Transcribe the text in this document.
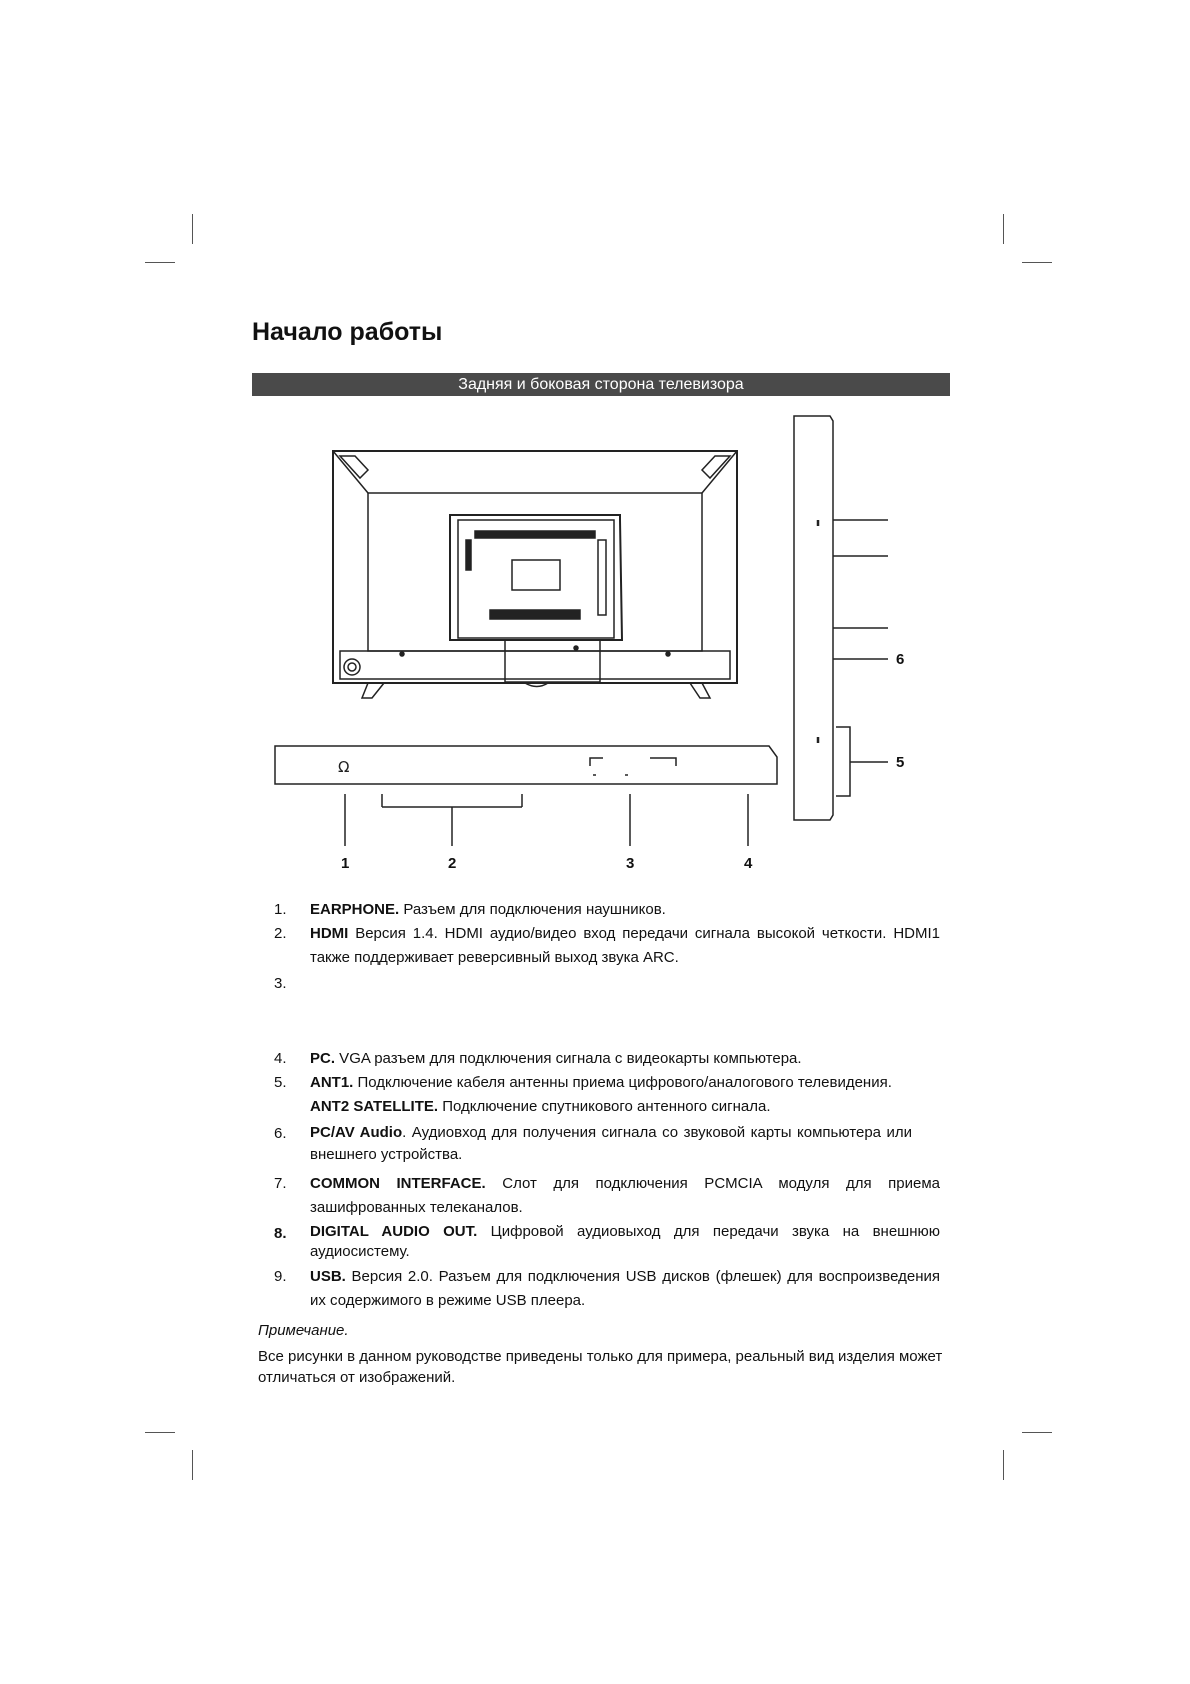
Начало работы
Задняя и боковая сторона телевизора
Ω
1	2	3	4
5
6
1. EARPHONE. Разъем для подключения наушников.
2. HDMI Версия 1.4. HDMI аудио/видео вход передачи сигнала высокой четкости. HDMI1 также поддерживает реверсивный выход звука ARC.
3.
4. PC. VGA разъем для подключения сигнала с видеокарты компьютера.
5. ANT1. Подключение кабеля антенны приема цифрового/аналогового телевидения.
ANT2 SATELLITE. Подключение спутникового антенного сигнала.
6. PC/AV Audio. Аудиовход для получения сигнала со звуковой карты компьютера или внешнего устройства.
7. COMMON INTERFACE. Слот для подключения PCMCIA модуля для приема зашифрованных телеканалов.
8. DIGITAL AUDIO OUT. Цифровой аудиовыход для передачи звука на внешнюю аудиосистему.
9. USB. Версия 2.0. Разъем для подключения USB дисков (флешек) для воспроизведения их содержимого в режиме USB плеера.
Примечание.
Все рисунки в данном руководстве приведены только для примера, реальный вид изделия может отличаться от изображений.
